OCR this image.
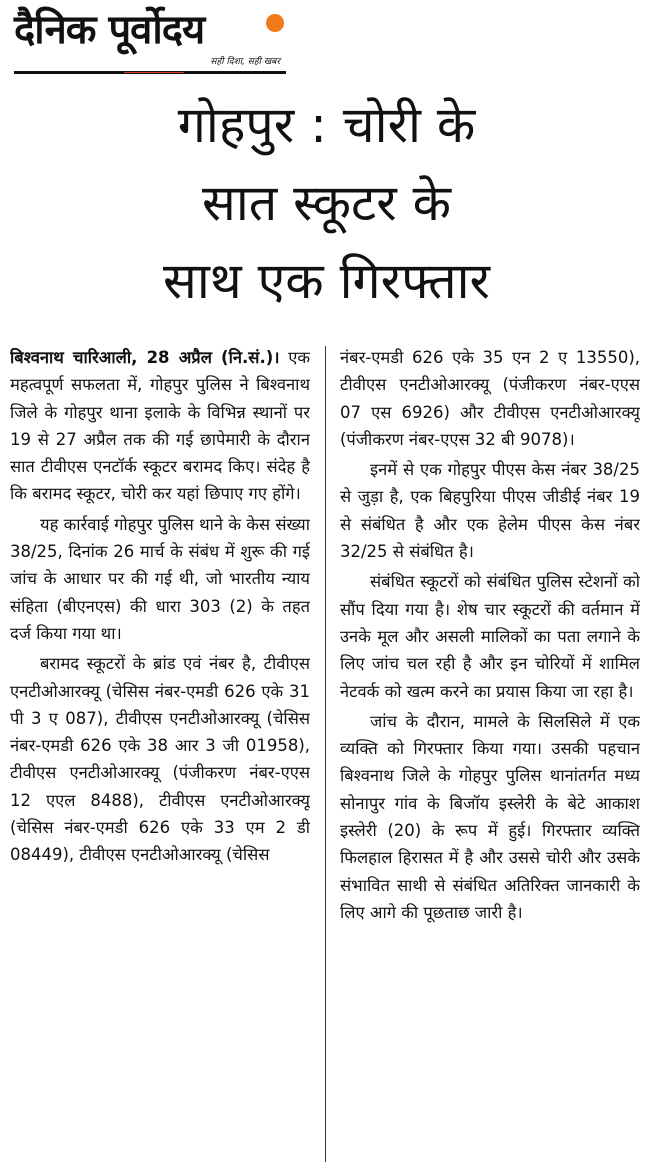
दैनिक पूर्वोदय
सही दिशा, सही खबर
गोहपुर : चोरी के
सात स्कूटर के
साथ एक गिरफ्तार

बिश्वनाथ चारिआली, 28 अप्रैल (नि.सं.)। एक महत्वपूर्ण सफलता में, गोहपुर पुलिस ने बिश्वनाथ जिले के गोहपुर थाना इलाके के विभिन्न स्थानों पर 19 से 27 अप्रैल तक की गई छापेमारी के दौरान सात टीवीएस एनटॉर्क स्कूटर बरामद किए। संदेह है कि बरामद स्कूटर, चोरी कर यहां छिपाए गए होंगे।

यह कार्रवाई गोहपुर पुलिस थाने के केस संख्या 38/25, दिनांक 26 मार्च के संबंध में शुरू की गई जांच के आधार पर की गई थी, जो भारतीय न्याय संहिता (बीएनएस) की धारा 303 (2) के तहत दर्ज किया गया था।

बरामद स्कूटरों के ब्रांड एवं नंबर है, टीवीएस एनटीओआरक्यू (चेसिस नंबर-एमडी 626 एके 31 पी 3 ए 087), टीवीएस एनटीओआरक्यू (चेसिस नंबर-एमडी 626 एके 38 आर 3 जी 01958), टीवीएस एनटीओआरक्यू (पंजीकरण नंबर-एएस 12 एएल 8488), टीवीएस एनटीओआरक्यू (चेसिस नंबर-एमडी 626 एके 33 एम 2 डी 08449), टीवीएस एनटीओआरक्यू (चेसिस

नंबर-एमडी 626 एके 35 एन 2 ए 13550), टीवीएस एनटीओआरक्यू (पंजीकरण नंबर-एएस 07 एस 6926) और टीवीएस एनटीओआरक्यू (पंजीकरण नंबर-एएस 32 बी 9078)।

इनमें से एक गोहपुर पीएस केस नंबर 38/25 से जुड़ा है, एक बिहपुरिया पीएस जीडीई नंबर 19 से संबंधित है और एक हेलेम पीएस केस नंबर 32/25 से संबंधित है।

संबंधित स्कूटरों को संबंधित पुलिस स्टेशनों को सौंप दिया गया है। शेष चार स्कूटरों की वर्तमान में उनके मूल और असली मालिकों का पता लगाने के लिए जांच चल रही है और इन चोरियों में शामिल नेटवर्क को खत्म करने का प्रयास किया जा रहा है।

जांच के दौरान, मामले के सिलसिले में एक व्यक्ति को गिरफ्तार किया गया। उसकी पहचान बिश्वनाथ जिले के गोहपुर पुलिस थानांतर्गत मध्य सोनापुर गांव के बिजॉय इस्लेरी के बेटे आकाश इस्लेरी (20) के रूप में हुई। गिरफ्तार व्यक्ति फिलहाल हिरासत में है और उससे चोरी और उसके संभावित साथी से संबंधित अतिरिक्त जानकारी के लिए आगे की पूछताछ जारी है।
